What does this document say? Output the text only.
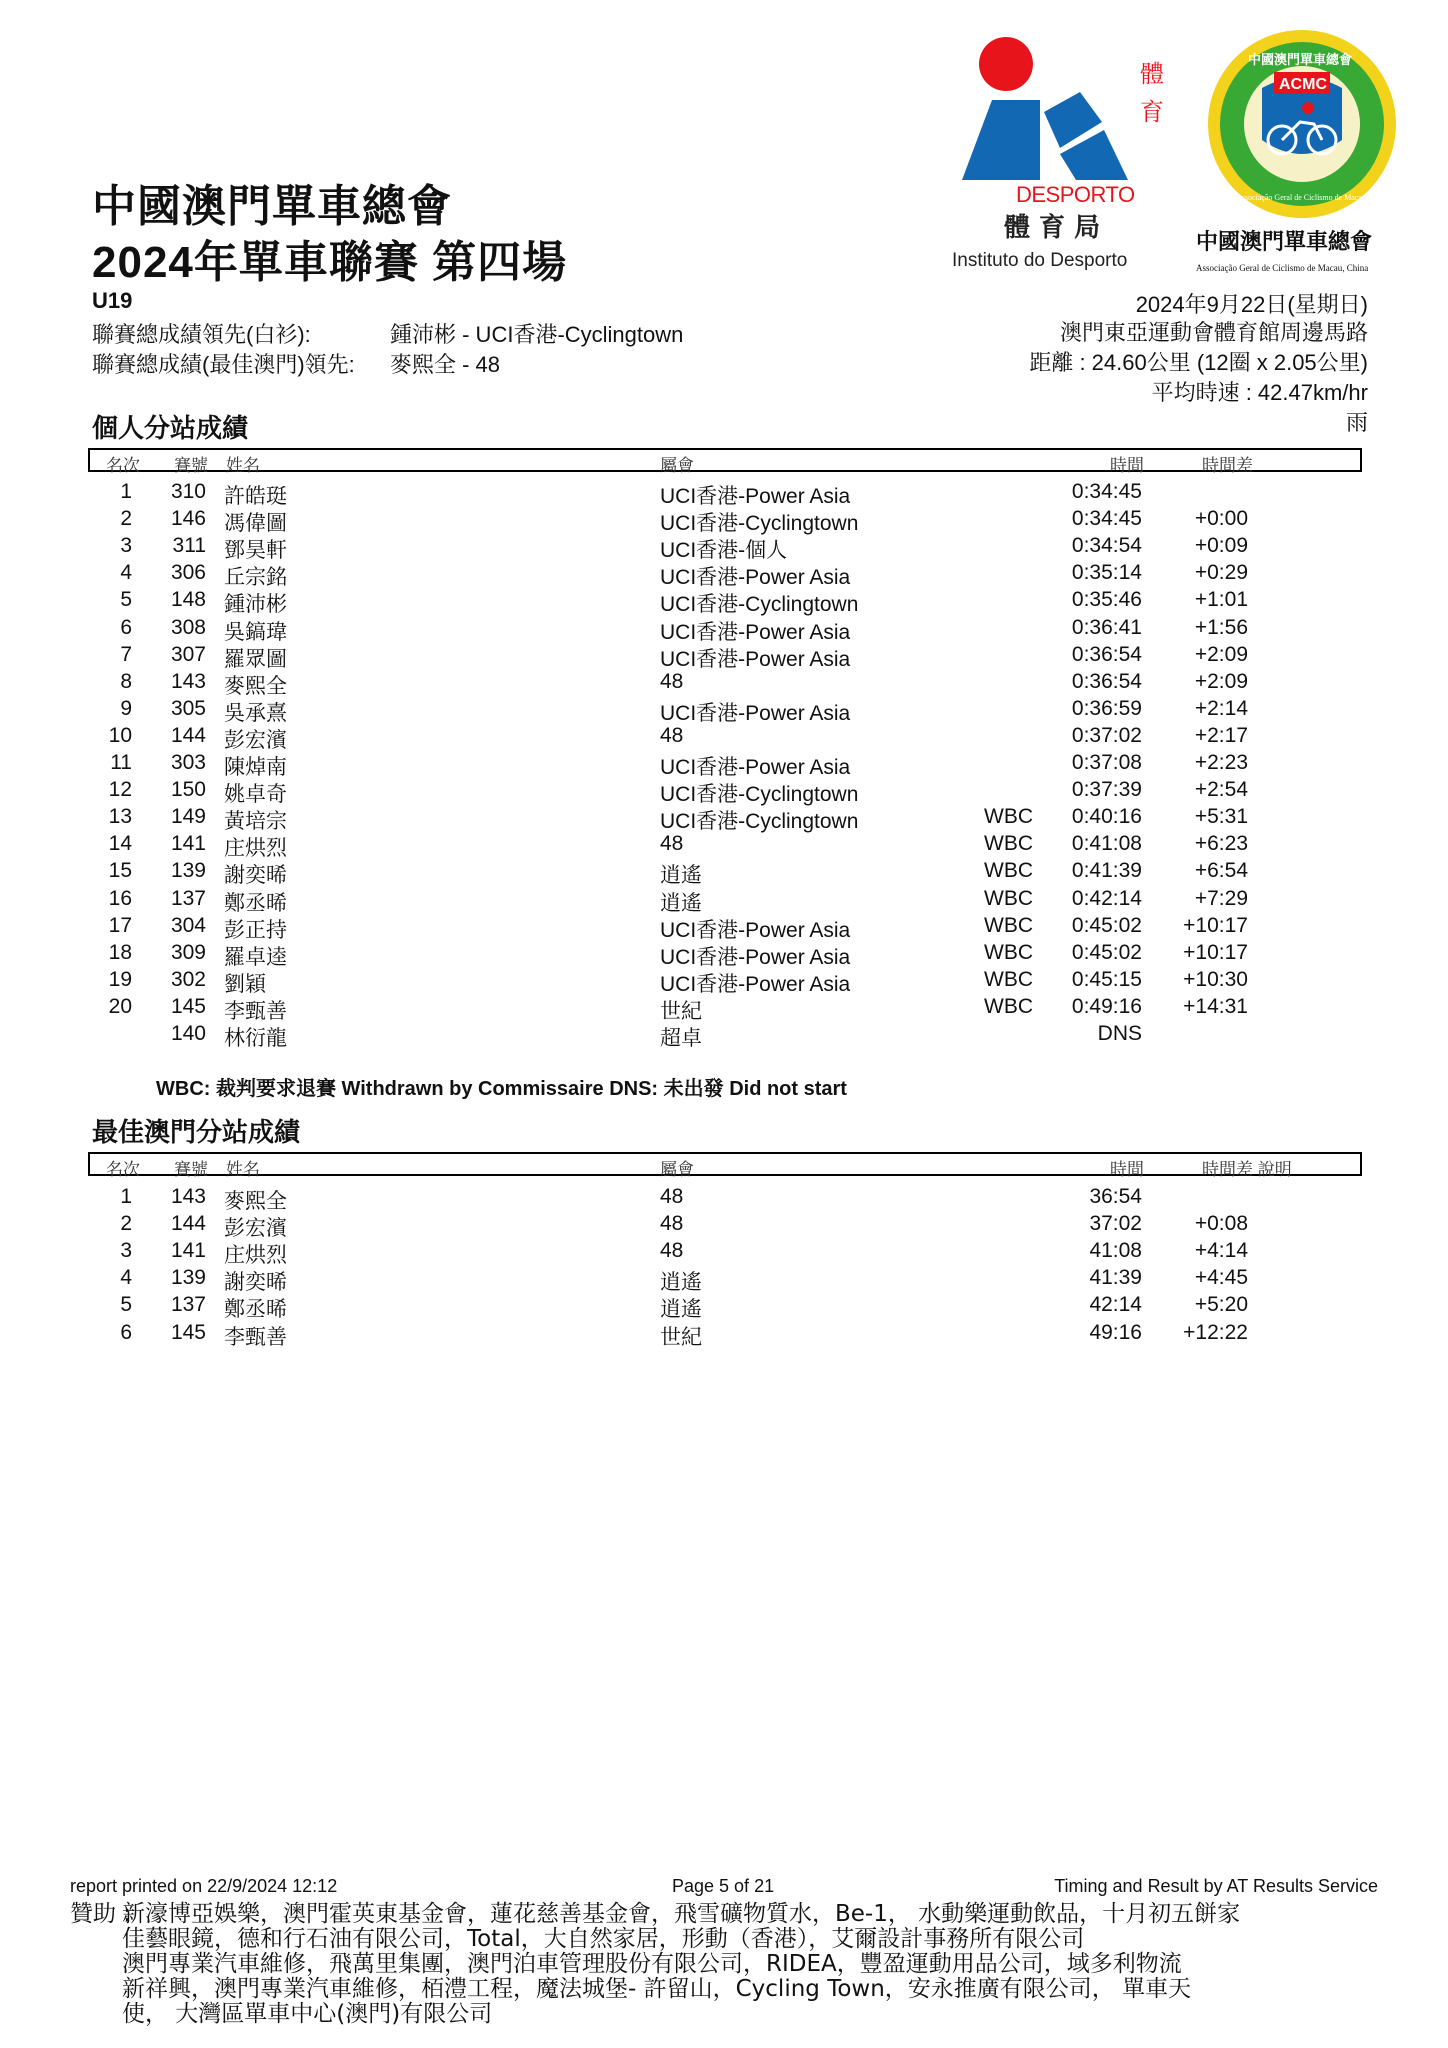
中國澳門單車總會
2024年單車聯賽 第四場
體
育
DESPORTO
體 育 局
Instituto do Desporto
ACMC
中國澳門單車總會
Associação Geral de Ciclismo de Macau, China
中國澳門單車總會
Associação Geral de Ciclismo de Macau, China
U19
聯賽總成績領先(白衫):	鍾沛彬 - UCI香港-Cyclingtown
聯賽總成績(最佳澳門)領先: 麥熙全 - 48
2024年9月22日(星期日)
澳門東亞運動會體育館周邊馬路
距離 : 24.60公里 (12圈 x 2.05公里)
平均時速 : 42.47km/hr
雨
個人分站成績
名次 賽號 姓名	屬會	時間	時間差
1	310 許皓珽	UCI香港-Power Asia	0:34:45
2	146 馮偉圖	UCI香港-Cyclingtown	0:34:45	+0:00
3	311 鄧昊軒	UCI香港-個人	0:34:54	+0:09
4	306 丘宗銘	UCI香港-Power Asia	0:35:14	+0:29
5	148 鍾沛彬	UCI香港-Cyclingtown	0:35:46	+1:01
6	308 吳鎬瑋	UCI香港-Power Asia	0:36:41	+1:56
7	307 羅眾圖	UCI香港-Power Asia	0:36:54	+2:09
8	143 麥熙全	48	0:36:54	+2:09
9	305 吳承熹	UCI香港-Power Asia	0:36:59	+2:14
10	144 彭宏濱	48	0:37:02	+2:17
11	303 陳焯南	UCI香港-Power Asia	0:37:08	+2:23
12	150 姚卓奇	UCI香港-Cyclingtown	0:37:39	+2:54
13	149 黃培宗	UCI香港-Cyclingtown	WBC	0:40:16	+5:31
14	141 庄烘烈	48	WBC	0:41:08	+6:23
15	139 謝奕晞	逍遙	WBC	0:41:39	+6:54
16	137 鄭丞晞	逍遙	WBC	0:42:14	+7:29
17	304 彭正持	UCI香港-Power Asia	WBC	0:45:02	+10:17
18	309 羅卓逵	UCI香港-Power Asia	WBC	0:45:02	+10:17
19	302 劉穎	UCI香港-Power Asia	WBC	0:45:15	+10:30
20	145 李甄善	世紀	WBC	0:49:16	+14:31
140 林衍龍	超卓	DNS
WBC: 裁判要求退賽 Withdrawn by Commissaire DNS: 未出發 Did not start
最佳澳門分站成績
名次 賽號 姓名	屬會	時間	時間差 說明
1	143 麥熙全	48	36:54
2	144 彭宏濱	48	37:02	+0:08
3	141 庄烘烈	48	41:08	+4:14
4	139 謝奕晞	逍遙	41:39	+4:45
5	137 鄭丞晞	逍遙	42:14	+5:20
6	145 李甄善	世紀	49:16	+12:22
report printed on 22/9/2024 12:12	Page 5 of 21	Timing and Result by AT Results Service
贊助 :
新濠博亞娛樂，澳門霍英東基金會，蓮花慈善基金會，飛雪礦物質水，Be-1， 水動樂運動飲品，十月初五餅家
佳藝眼鏡，德和行石油有限公司，Total，大自然家居，形動（香港），艾爾設計事務所有限公司
澳門專業汽車維修，飛萬里集團，澳門泊車管理股份有限公司，RIDEA，豐盈運動用品公司，域多利物流
新祥興，澳門專業汽車維修，栢澧工程，魔法城堡- 許留山，Cycling Town，安永推廣有限公司， 單車天
使， 大灣區單車中心(澳門)有限公司
